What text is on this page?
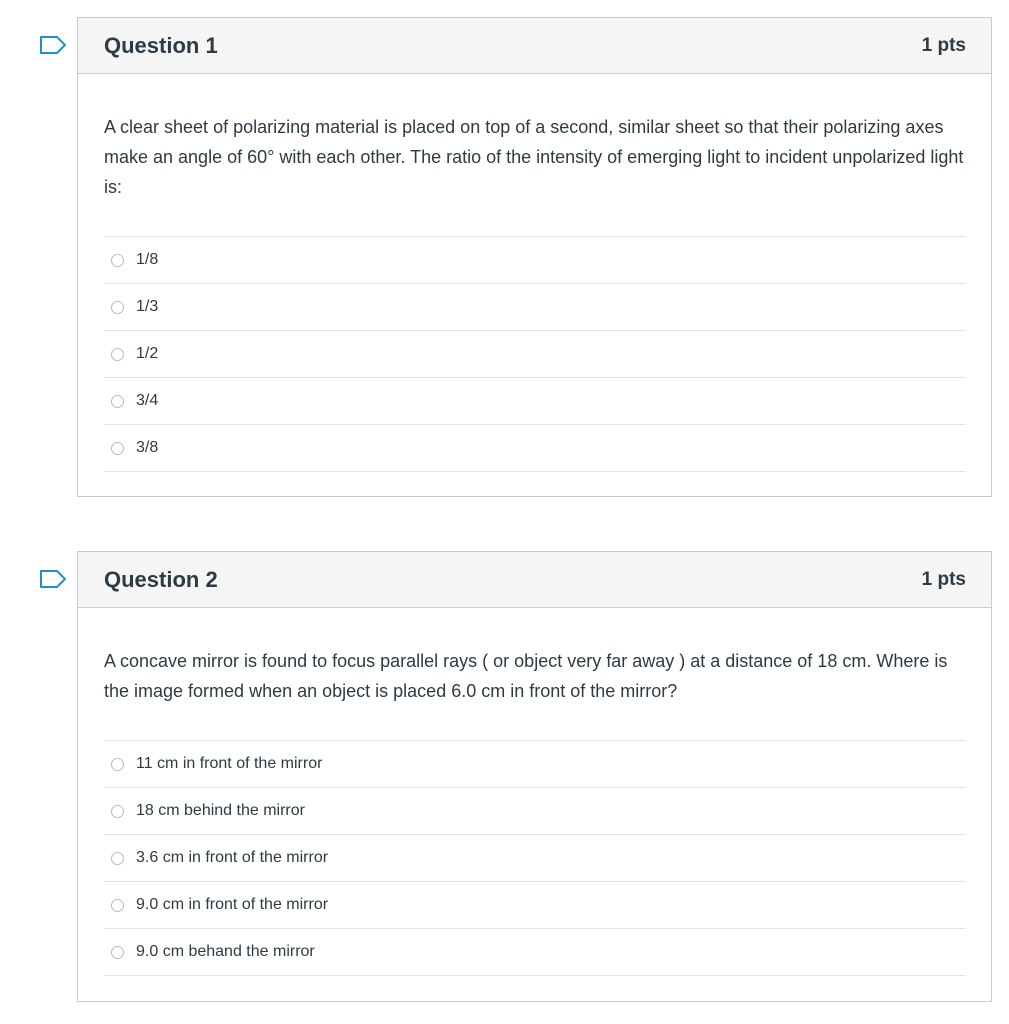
Question 1	1 pts

A clear sheet of polarizing material is placed on top of a second, similar sheet so that their polarizing axes make an angle of 60° with each other. The ratio of the intensity of emerging light to incident unpolarized light is:

1/8
1/3
1/2
3/4
3/8
Question 2	1 pts

A concave mirror is found to focus parallel rays ( or object very far away ) at a distance of 18 cm. Where is the image formed when an object is placed 6.0 cm in front of the mirror?

11 cm in front of the mirror
18 cm behind the mirror
3.6 cm in front of the mirror
9.0 cm in front of the mirror
9.0 cm behand the mirror
